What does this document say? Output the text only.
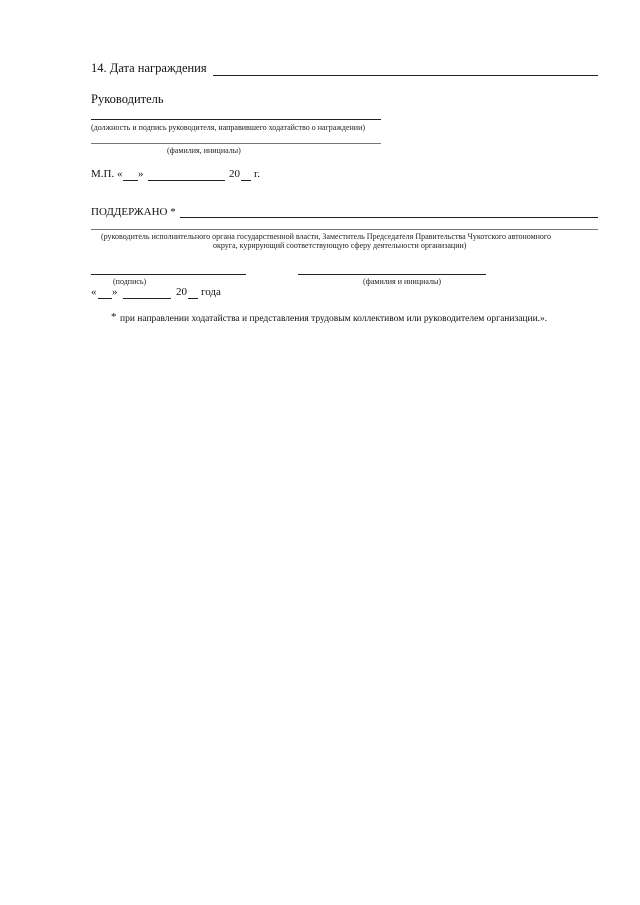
14. Дата награждения
Руководитель
(должность и подпись руководителя, направившего ходатайство о награждении)
(фамилия, инициалы)
М.П. « »	20 г.
ПОДДЕРЖАНО *
(руководитель исполнительного органа государственной власти, Заместитель Председателя Правительства Чукотского автономного
округа, курирующий соответствующую сферу деятельности организации)
(подпись)	(фамилия и инициалы)
« »	20 года
* при направлении ходатайства и представления трудовым коллективом или руководителем организации.».
